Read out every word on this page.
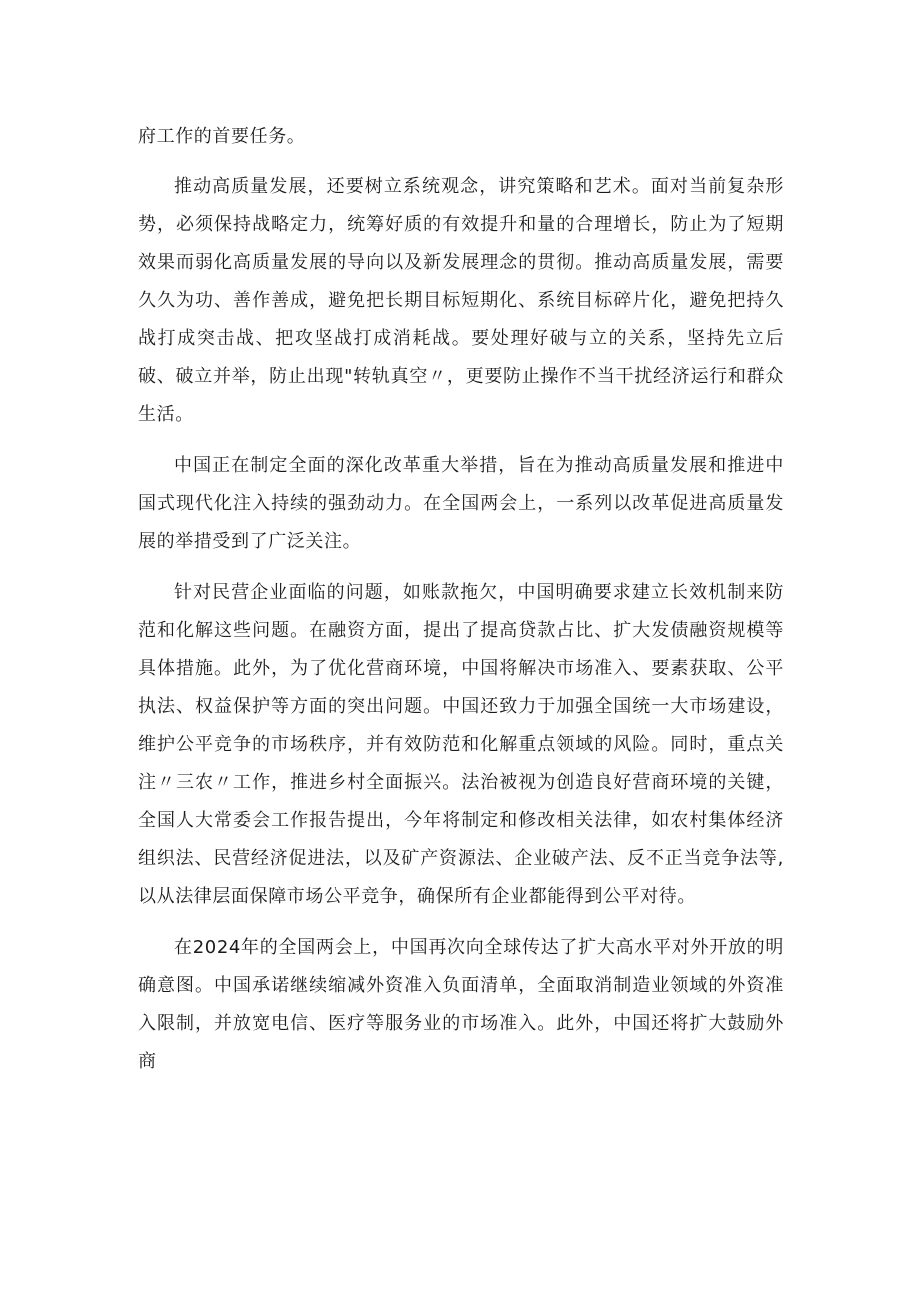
府工作的首要任务。

推动高质量发展，还要树立系统观念，讲究策略和艺术。面对当前复杂形势，必须保持战略定力，统筹好质的有效提升和量的合理增长，防止为了短期效果而弱化高质量发展的导向以及新发展理念的贯彻。推动高质量发展，需要久久为功、善作善成，避免把长期目标短期化、系统目标碎片化，避免把持久战打成突击战、把攻坚战打成消耗战。要处理好破与立的关系，坚持先立后破、破立并举，防止出现"转轨真空〃，更要防止操作不当干扰经济运行和群众生活。

中国正在制定全面的深化改革重大举措，旨在为推动高质量发展和推进中国式现代化注入持续的强劲动力。在全国两会上，一系列以改革促进高质量发展的举措受到了广泛关注。

针对民营企业面临的问题，如账款拖欠，中国明确要求建立长效机制来防范和化解这些问题。在融资方面，提出了提高贷款占比、扩大发债融资规模等具体措施。此外，为了优化营商环境，中国将解决市场准入、要素获取、公平执法、权益保护等方面的突出问题。中国还致力于加强全国统一大市场建设，维护公平竞争的市场秩序，并有效防范和化解重点领域的风险。同时，重点关注〃三农〃工作，推进乡村全面振兴。法治被视为创造良好营商环境的关键，全国人大常委会工作报告提出，今年将制定和修改相关法律，如农村集体经济组织法、民营经济促进法，以及矿产资源法、企业破产法、反不正当竞争法等,以从法律层面保障市场公平竞争，确保所有企业都能得到公平对待。

在2024年的全国两会上，中国再次向全球传达了扩大高水平对外开放的明确意图。中国承诺继续缩减外资准入负面清单，全面取消制造业领域的外资准入限制，并放宽电信、医疗等服务业的市场准入。此外，中国还将扩大鼓励外商
